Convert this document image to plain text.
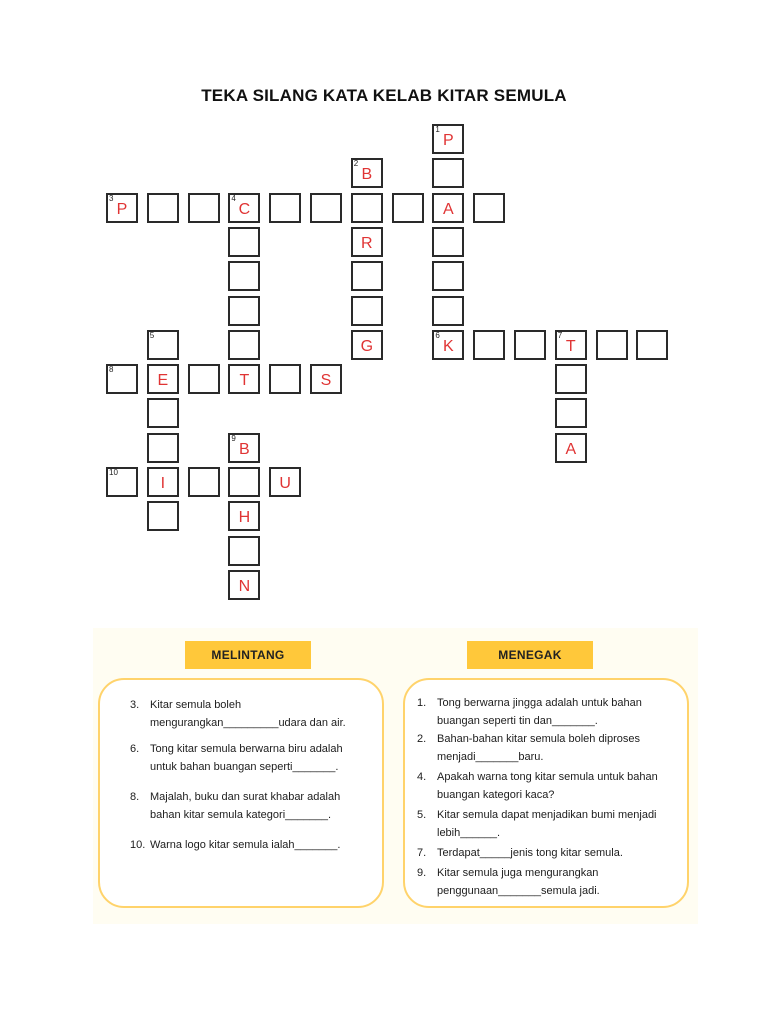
TEKA SILANG KATA KELAB KITAR SEMULA
1
P
2
B
3
P
4
C	A
R
5
G
6
K
7
T
8
E	T	S
9
B	A
10
I	U
H
N
MELINTANG	MENEGAK
3. Kitar semula boleh
mengurangkan_________udara dan air.
6. Tong kitar semula berwarna biru adalah
untuk bahan buangan seperti_______.
8. Majalah, buku dan surat khabar adalah
bahan kitar semula kategori_______.
10. Warna logo kitar semula ialah_______.
1. Tong berwarna jingga adalah untuk bahan
buangan seperti tin dan_______.
2. Bahan-bahan kitar semula boleh diproses
menjadi_______baru.
4. Apakah warna tong kitar semula untuk bahan
buangan kategori kaca?
5. Kitar semula dapat menjadikan bumi menjadi
lebih______.
7. Terdapat_____jenis tong kitar semula.
9. Kitar semula juga mengurangkan
penggunaan_______semula jadi.
